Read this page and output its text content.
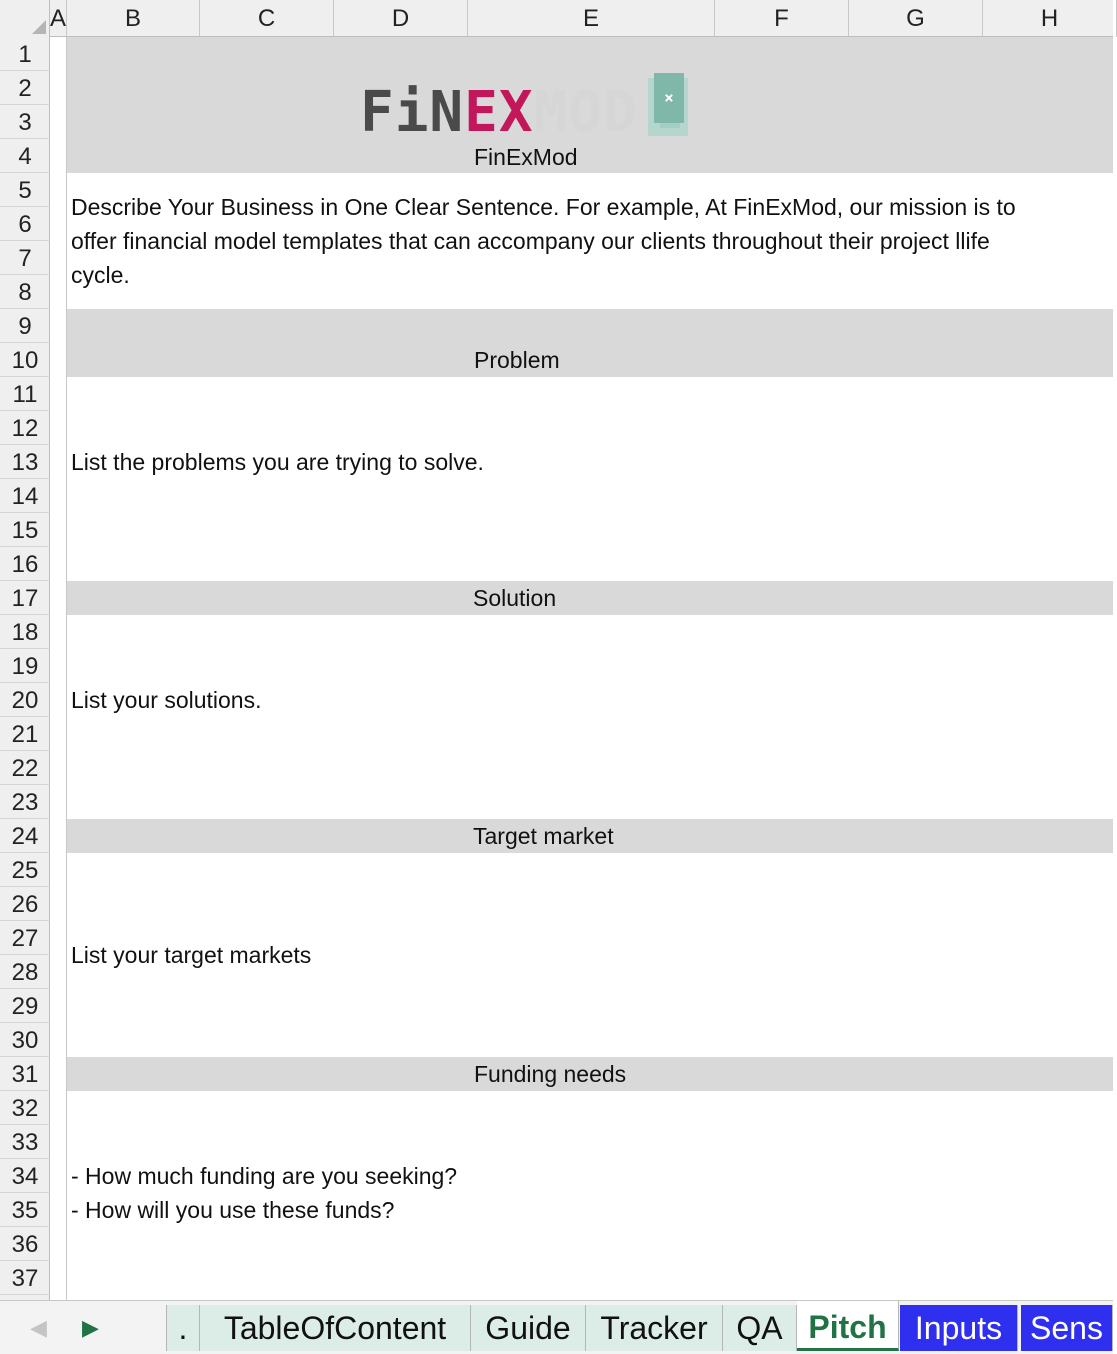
A	B	C	D	E	F	G	H
1
2
3
4
5
6
7
8
9
10
11
12
13
14
15
16
17
18
19
20
21
22
23
24
25
26
27
28
29
30
31
32
33
34
35
36
37
×
FiNEXMOD
FinExMod
Describe Your Business in One Clear Sentence. For example, At FinExMod, our mission is to
offer financial model templates that can accompany our clients throughout their project llife
cycle.
Problem
List the problems you are trying to solve.
Solution
List your solutions.
Target market
List your target markets
Funding needs
- How much funding are you seeking?
- How will you use these funds?
◀ ▶	.	TableOfContent	Guide Tracker QA Pitch Inputs Sens
